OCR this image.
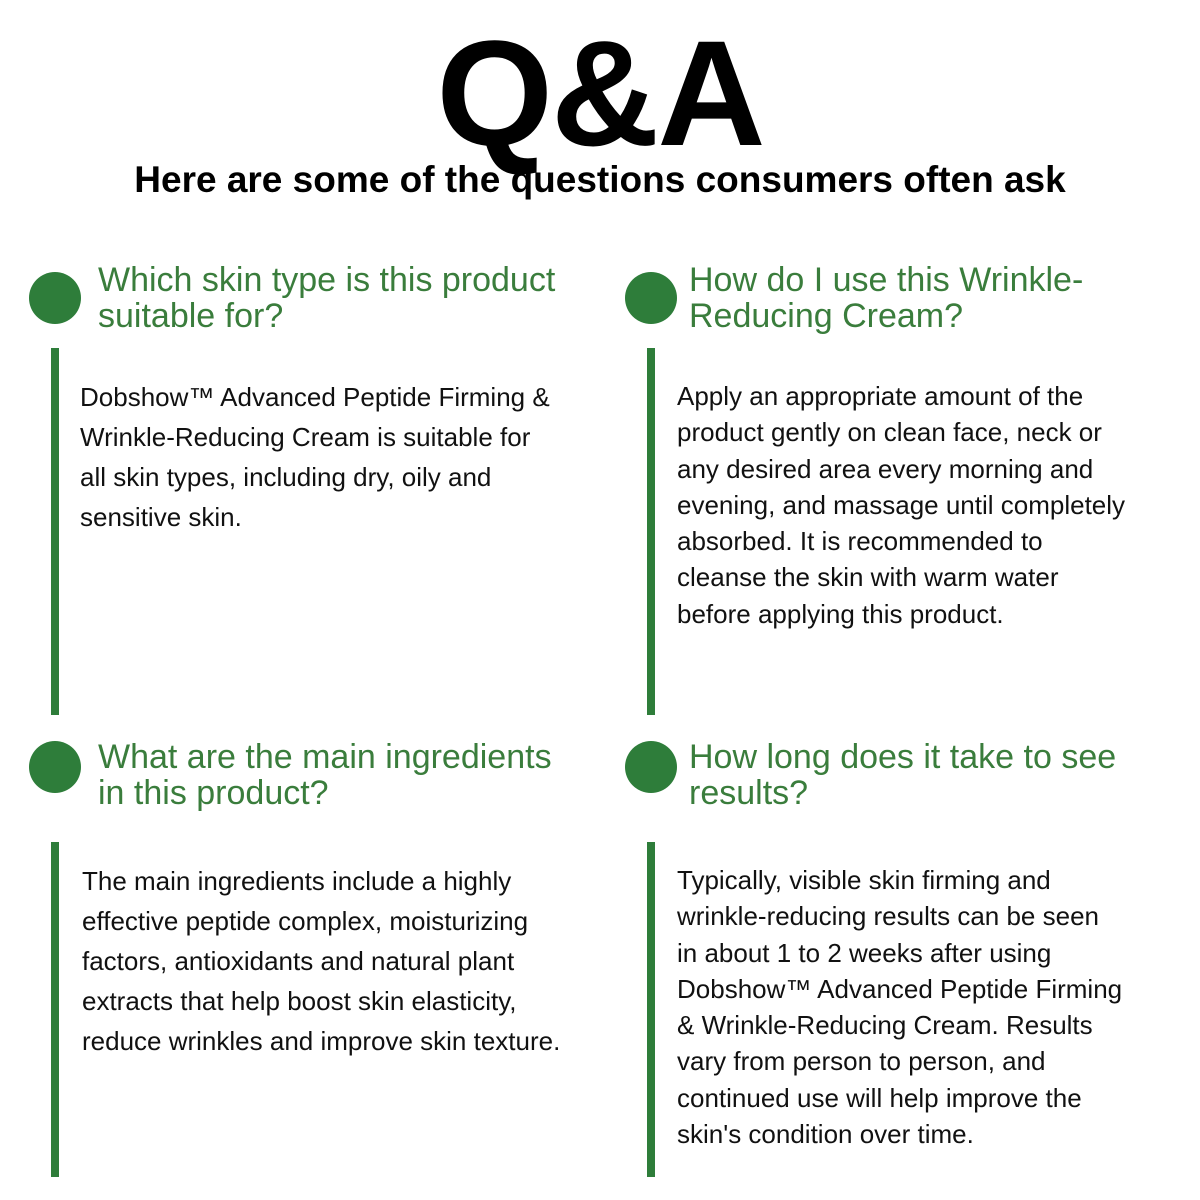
Q&A
Here are some of the questions consumers often ask
Which skin type is this product
suitable for?
Dobshow™ Advanced Peptide Firming &
Wrinkle-Reducing Cream is suitable for
all skin types, including dry, oily and
sensitive skin.
How do I use this Wrinkle-
Reducing Cream?
Apply an appropriate amount of the
product gently on clean face, neck or
any desired area every morning and
evening, and massage until completely
absorbed. It is recommended to
cleanse the skin with warm water
before applying this product.
What are the main ingredients
in this product?
The main ingredients include a highly
effective peptide complex, moisturizing
factors, antioxidants and natural plant
extracts that help boost skin elasticity,
reduce wrinkles and improve skin texture.
How long does it take to see
results?
Typically, visible skin firming and
wrinkle-reducing results can be seen
in about 1 to 2 weeks after using
Dobshow™ Advanced Peptide Firming
& Wrinkle-Reducing Cream. Results
vary from person to person, and
continued use will help improve the
skin's condition over time.
